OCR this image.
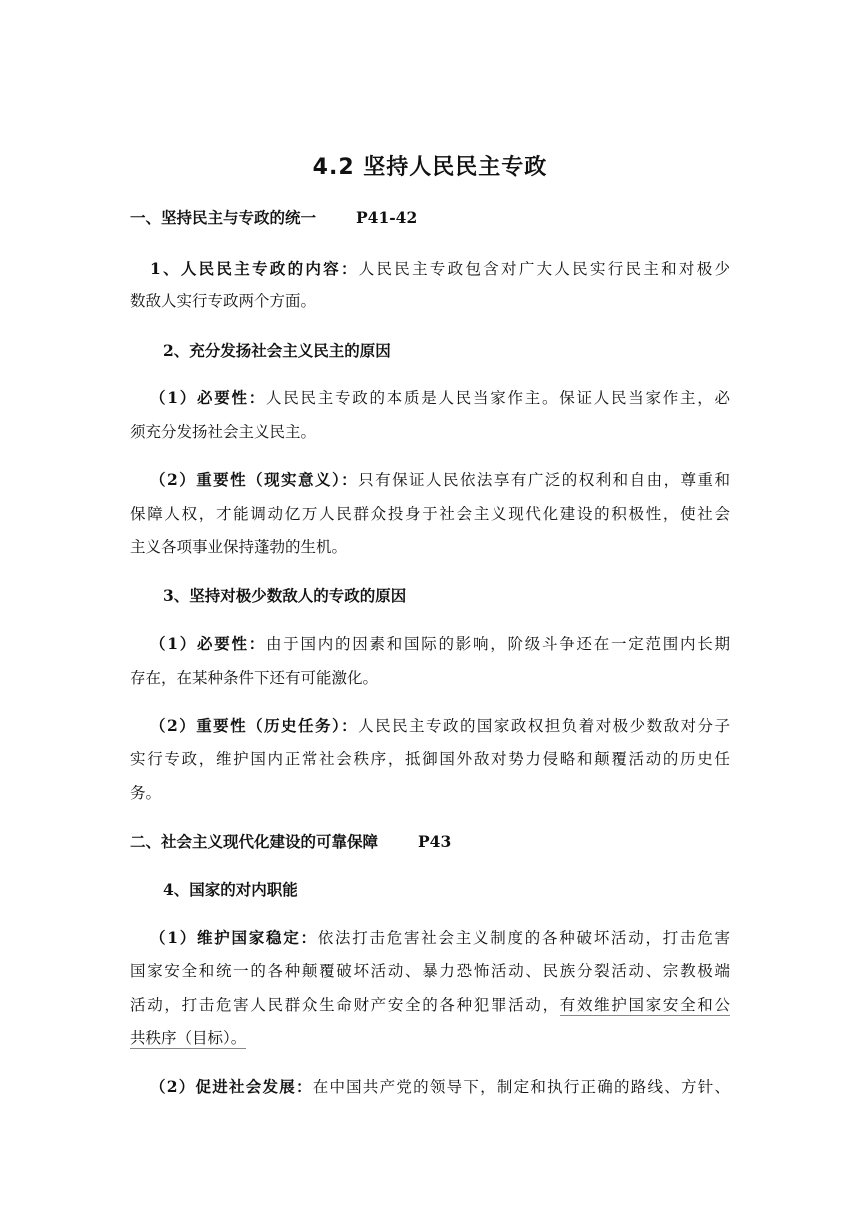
4.2 坚持人民民主专政
一、坚持民主与专政的统一	P41-42
1、人民民主专政的内容：人民民主专政包含对广大人民实行民主和对极少
数敌人实行专政两个方面。
2、充分发扬社会主义民主的原因
（1）必要性：人民民主专政的本质是人民当家作主。保证人民当家作主，必
须充分发扬社会主义民主。
（2）重要性（现实意义）：只有保证人民依法享有广泛的权利和自由，尊重和
保障人权，才能调动亿万人民群众投身于社会主义现代化建设的积极性，使社会
主义各项事业保持蓬勃的生机。
3、坚持对极少数敌人的专政的原因
（1）必要性：由于国内的因素和国际的影响，阶级斗争还在一定范围内长期
存在，在某种条件下还有可能激化。
（2）重要性（历史任务）：人民民主专政的国家政权担负着对极少数敌对分子
实行专政，维护国内正常社会秩序，抵御国外敌对势力侵略和颠覆活动的历史任
务。
二、社会主义现代化建设的可靠保障	P43
4、国家的对内职能
（1）维护国家稳定：依法打击危害社会主义制度的各种破坏活动，打击危害
国家安全和统一的各种颠覆破坏活动、暴力恐怖活动、民族分裂活动、宗教极端
活动，打击危害人民群众生命财产安全的各种犯罪活动，有效维护国家安全和公
共秩序（目标）。
（2）促进社会发展：在中国共产党的领导下，制定和执行正确的路线、方针、
